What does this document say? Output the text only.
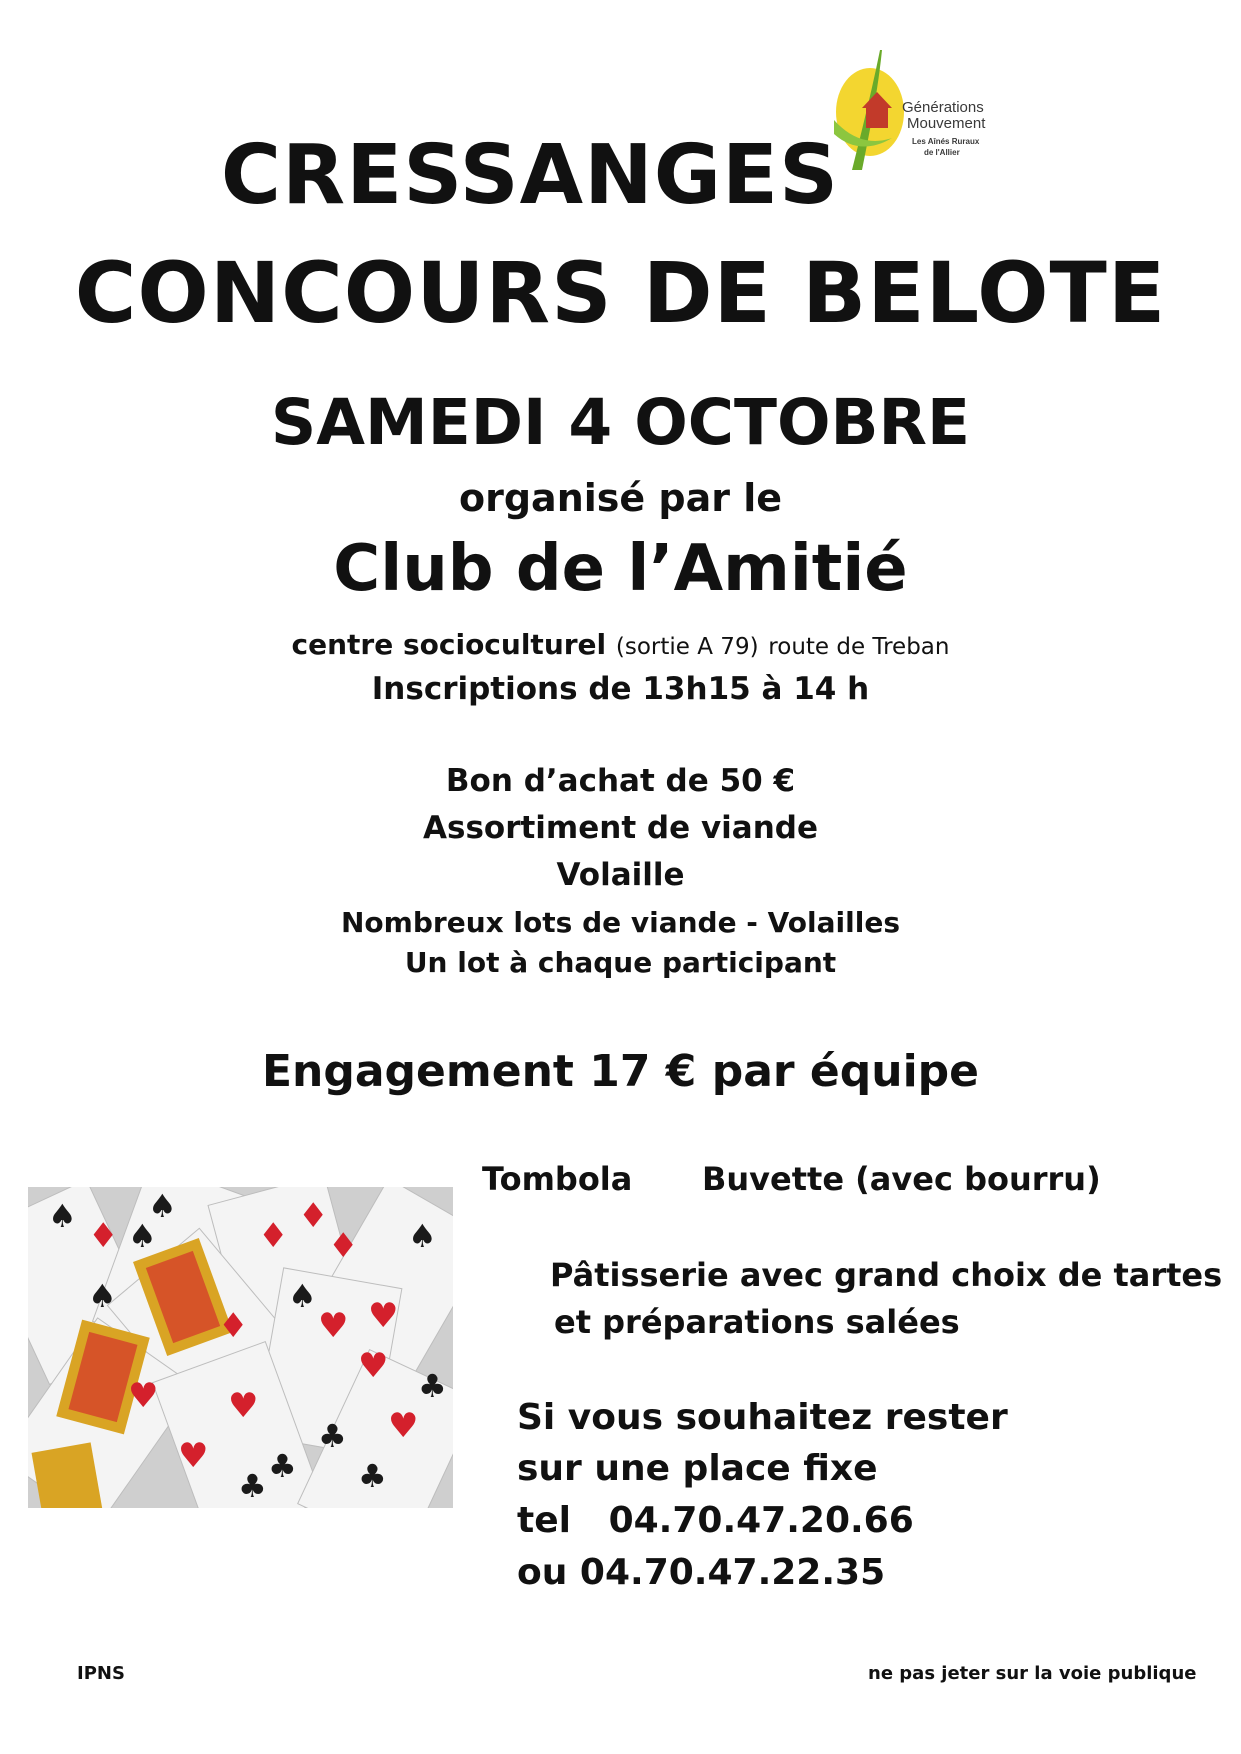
Générations
Mouvement
Les Aînés Ruraux
de l'Allier
CRESSANGES
CONCOURS DE BELOTE
SAMEDI 4 OCTOBRE
organisé par le
Club de l’Amitié
centre socioculturel (sortie A 79) route de Treban
Inscriptions de 13h15 à 14 h
Bon d’achat de 50 €
Assortiment de viande
Volaille
Nombreux lots de viande - Volailles
Un lot à chaque participant
Engagement 17 € par équipe
♦ ♦
♦
♥ ♥
♥
♦
♥
♥	♥
♥
♦
♠
♠
♠
♠	♠
♠
♣
♣
♣
♣
♣
Tombola Buvette (avec bourru)
Pâtisserie avec grand choix de tartes
et préparations salées
Si vous souhaitez rester
sur une place fixe
tel 04.70.47.20.66
ou 04.70.47.22.35
IPNS	ne pas jeter sur la voie publique
